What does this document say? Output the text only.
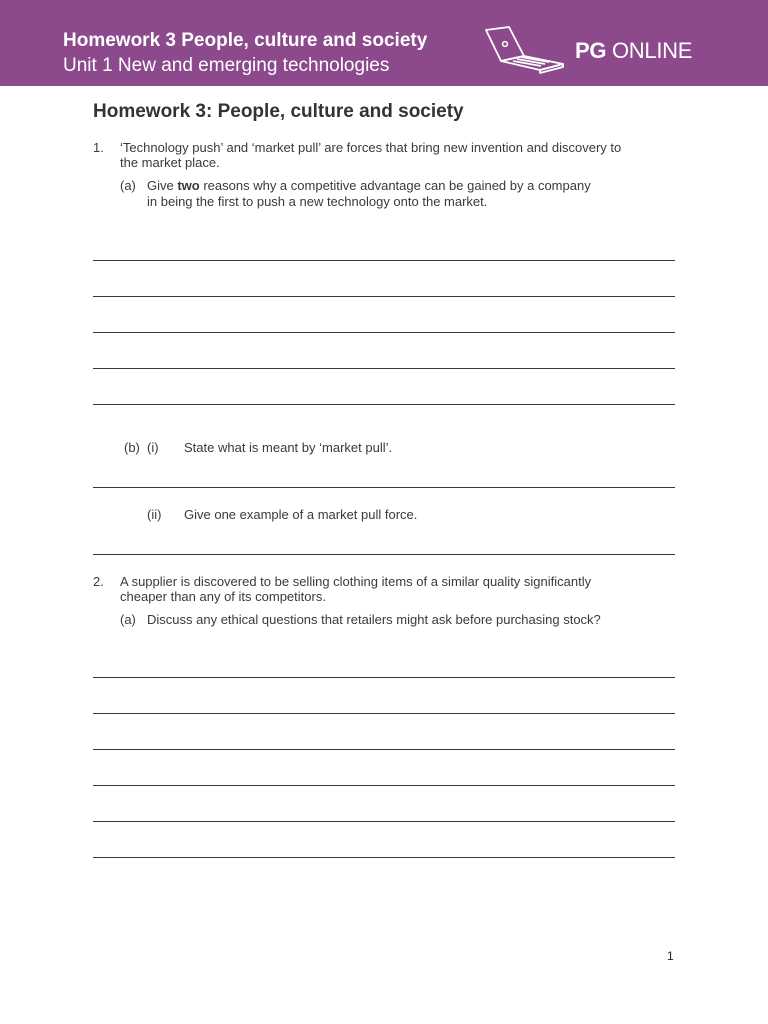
Homework 3 People, culture and society
Unit 1 New and emerging technologies
PG ONLINE
Homework 3: People, culture and society
1. ‘Technology push’ and ‘market pull’ are forces that bring new invention and discovery to
the market place.
(a) Give two reasons why a competitive advantage can be gained by a company
in being the first to push a new technology onto the market.
(b) (i) State what is meant by ‘market pull’.
(ii) Give one example of a market pull force.
2. A supplier is discovered to be selling clothing items of a similar quality significantly
cheaper than any of its competitors.
(a) Discuss any ethical questions that retailers might ask before purchasing stock?
1
